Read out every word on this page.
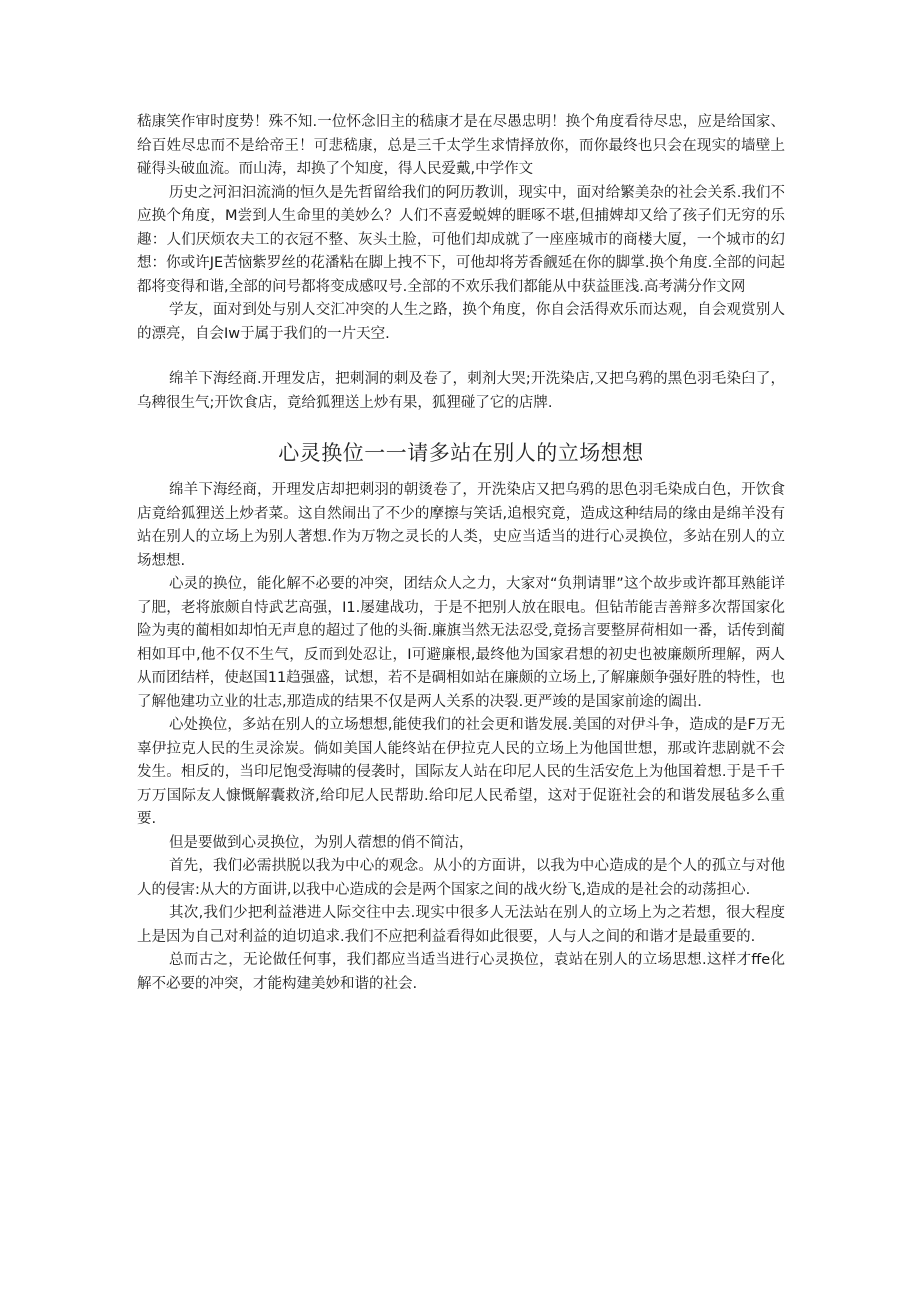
嵇康笑作审时度势！殊不知.一位怀念旧主的嵇康才是在尽愚忠明！换个角度看待尽忠，应是给国家、给百姓尽忠而不是给帝王！可悲嵇康，总是三千太学生求情择放你，而你最终也只会在现实的墙壁上碰得头破血流。而山涛，却换了个知度，得人民爱戴,中学作文

历史之河汩汩流淌的恒久是先哲留给我们的阿历教训，现实中，面对给繁美杂的社会关系.我们不应换个角度，M尝到人生命里的美妙么？人们不喜爱蜕婢的睚啄不堪,但捕婢却又给了孩子们无穷的乐趣：人们厌烦农夫工的衣冠不整、灰头土脸，可他们却成就了一座座城市的商楼大厦，一个城市的幻想：你或许JE苦恼紫罗丝的花潘粘在脚上拽不下，可他却将芳香觎延在你的脚掌.换个角度.全部的问起都将变得和谐,全部的问号都将变成感叹号.全部的不欢乐我们都能从中获益匪浅.高考满分作文网

学友，面对到处与别人交汇冲突的人生之路，换个角度，你自会活得欢乐而达观，自会观赏别人的漂亮，自会Iw于属于我们的一片天空.

绵羊下海经商.开理发店，把刺洞的刺及卷了，刺剂大哭;开洗染店,又把乌鸦的黑色羽毛染臼了，乌稗很生气;开饮食店，竟给狐狸送上炒有果，狐狸碰了它的店牌.

心灵换位一一请多站在别人的立场想想

绵羊下海经商，开理发店却把刺羽的朝烫卷了，开洗染店又把乌鸦的思色羽毛染成白色，开饮食店竟给狐狸送上炒者菜。这自然闹出了不少的摩擦与笑话,追根究竟，造成这种结局的缘由是绵羊没有站在别人的立场上为别人著想.作为万物之灵长的人类，史应当适当的进行心灵换位，多站在别人的立场想想.

心灵的换位，能化解不必要的冲突，团结众人之力，大家对“负荆请罪”这个故步或许都耳熟能详了肥，老将旅颇自恃武艺高强，I1.屡建战功，于是不把别人放在眼电。但钻芾能吉善辩多次帮国家化险为夷的蔺相如却怕无声息的超过了他的头衙.廉旗当然无法忍受,竟扬言要整屏荷相如一番，话传到蔺相如耳中,他不仅不生气，反而到处忍让，I可避廉根,最终他为国家君想的初史也被廉颇所理解，两人从而团结样，使赵国11趋强盛，试想，若不是碉相如站在廉颇的立场上,了解廉颇争强好胜的特性，也了解他建功立业的壮志,那造成的结果不仅是两人关系的决裂.更严竣的是国家前途的阖出.

心处换位，多站在别人的立场想想,能使我们的社会更和谐发展.美国的对伊斗争，造成的是F万无辜伊拉克人民的生灵涂炭。倘如美国人能终站在伊拉克人民的立场上为他国世想，那或许悲剧就不会发生。相反的，当印尼饱受海啸的侵袭时，国际友人站在印尼人民的生活安危上为他国着想.于是千千万万国际友人慷慨解囊救济,给印尼人民帮助.给印尼人民希望，这对于促诳社会的和谐发展毡多么重要.

但是要做到心灵换位，为别人蓿想的俏不简沽，

首先，我们必需拱脱以我为中心的观念。从小的方面讲，以我为中心造成的是个人的孤立与对他人的侵害:从大的方面讲,以我中心造成的会是两个国家之间的战火纷飞,造成的是社会的动荡担心.

其次,我们少把利益港进人际交往中去.现实中很多人无法站在别人的立场上为之若想，很大程度上是因为自己对利益的迫切追求.我们不应把利益看得如此很要，人与人之间的和谐才是最重要的.

总而古之，无论做任何事，我们都应当适当进行心灵换位，袁站在别人的立场思想.这样才ffe化解不必要的冲突，才能构建美妙和谐的社会.
